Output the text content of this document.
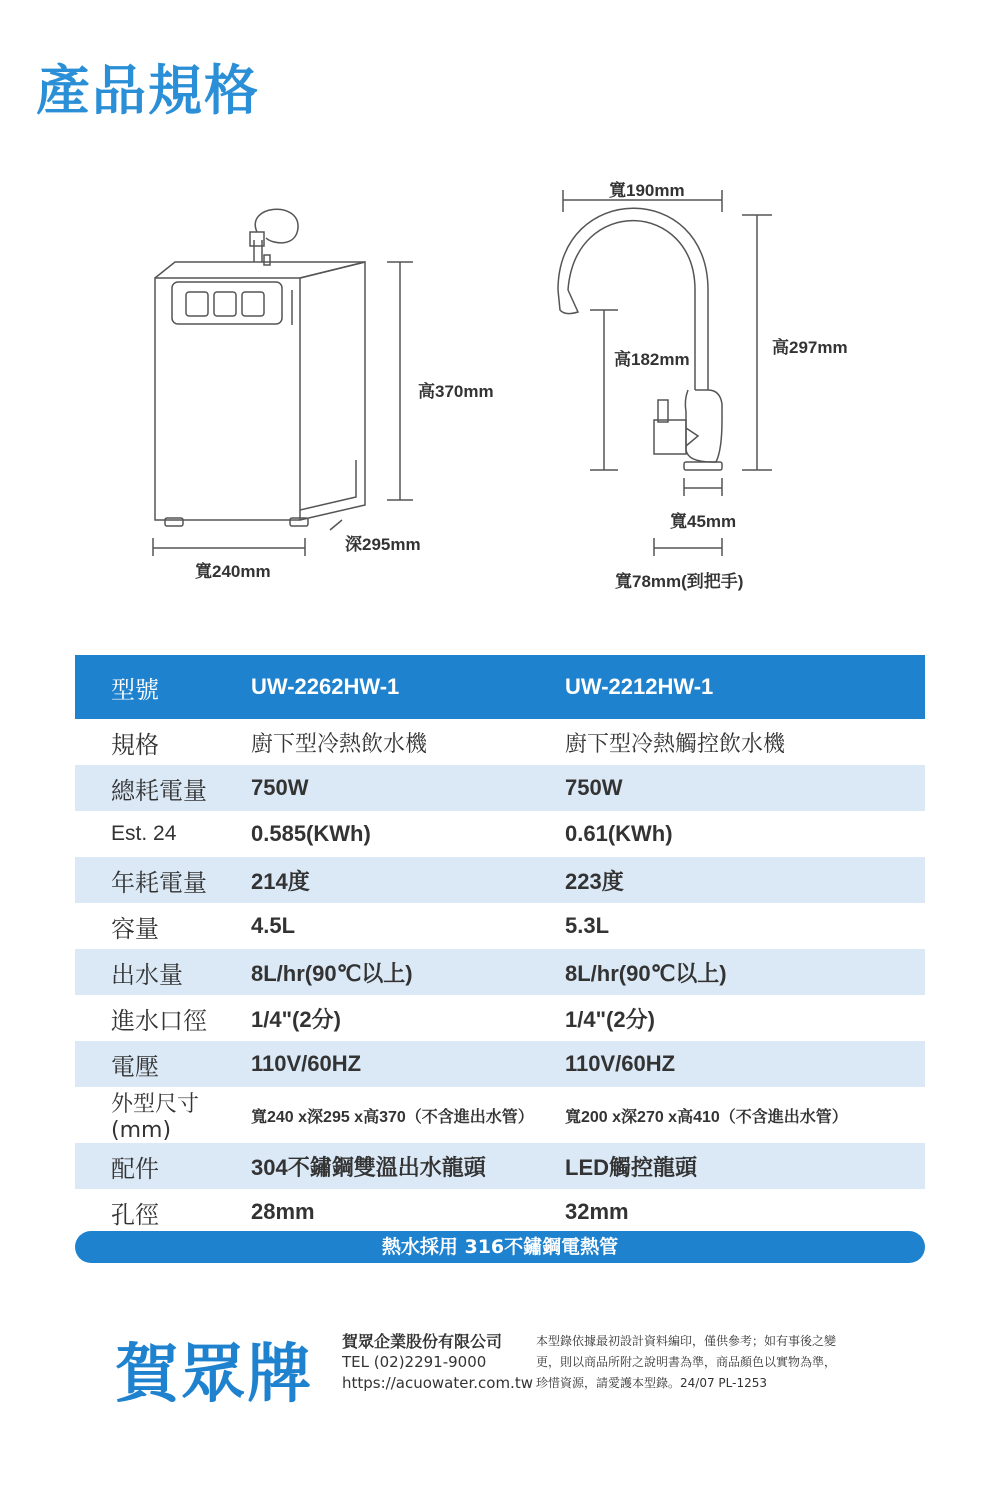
產品規格
高370mm
深295mm
寬240mm
寬190mm
高297mm
高182mm
寬45mm
寬78mm(到把手)
型號	UW-2262HW-1	UW-2212HW-1
規格	廚下型冷熱飲水機	廚下型冷熱觸控飲水機
總耗電量	750W	750W
Est. 24	0.585(KWh)	0.61(KWh)
年耗電量	214度	223度
容量	4.5L	5.3L
出水量	8L/hr(90℃以上)	8L/hr(90℃以上)
進水口徑	1/4"(2分)	1/4"(2分)
電壓	110V/60HZ	110V/60HZ
外型尺寸(mm)	寬240 x深295 x高370（不含進出水管）	寬200 x深270 x高410（不含進出水管）
配件	304不鏽鋼雙溫出水龍頭	LED觸控龍頭
孔徑	28mm	32mm
熱水採用 316不鏽鋼電熱管
賀眾牌 賀眾企業股份有限公司
TEL (02)2291-9000
https://acuowater.com.tw
本型錄依據最初設計資料編印，僅供參考；如有事後之變更，則以商品所附之說明書為準，商品顏色以實物為準，珍惜資源，請愛護本型錄。24/07 PL-1253
